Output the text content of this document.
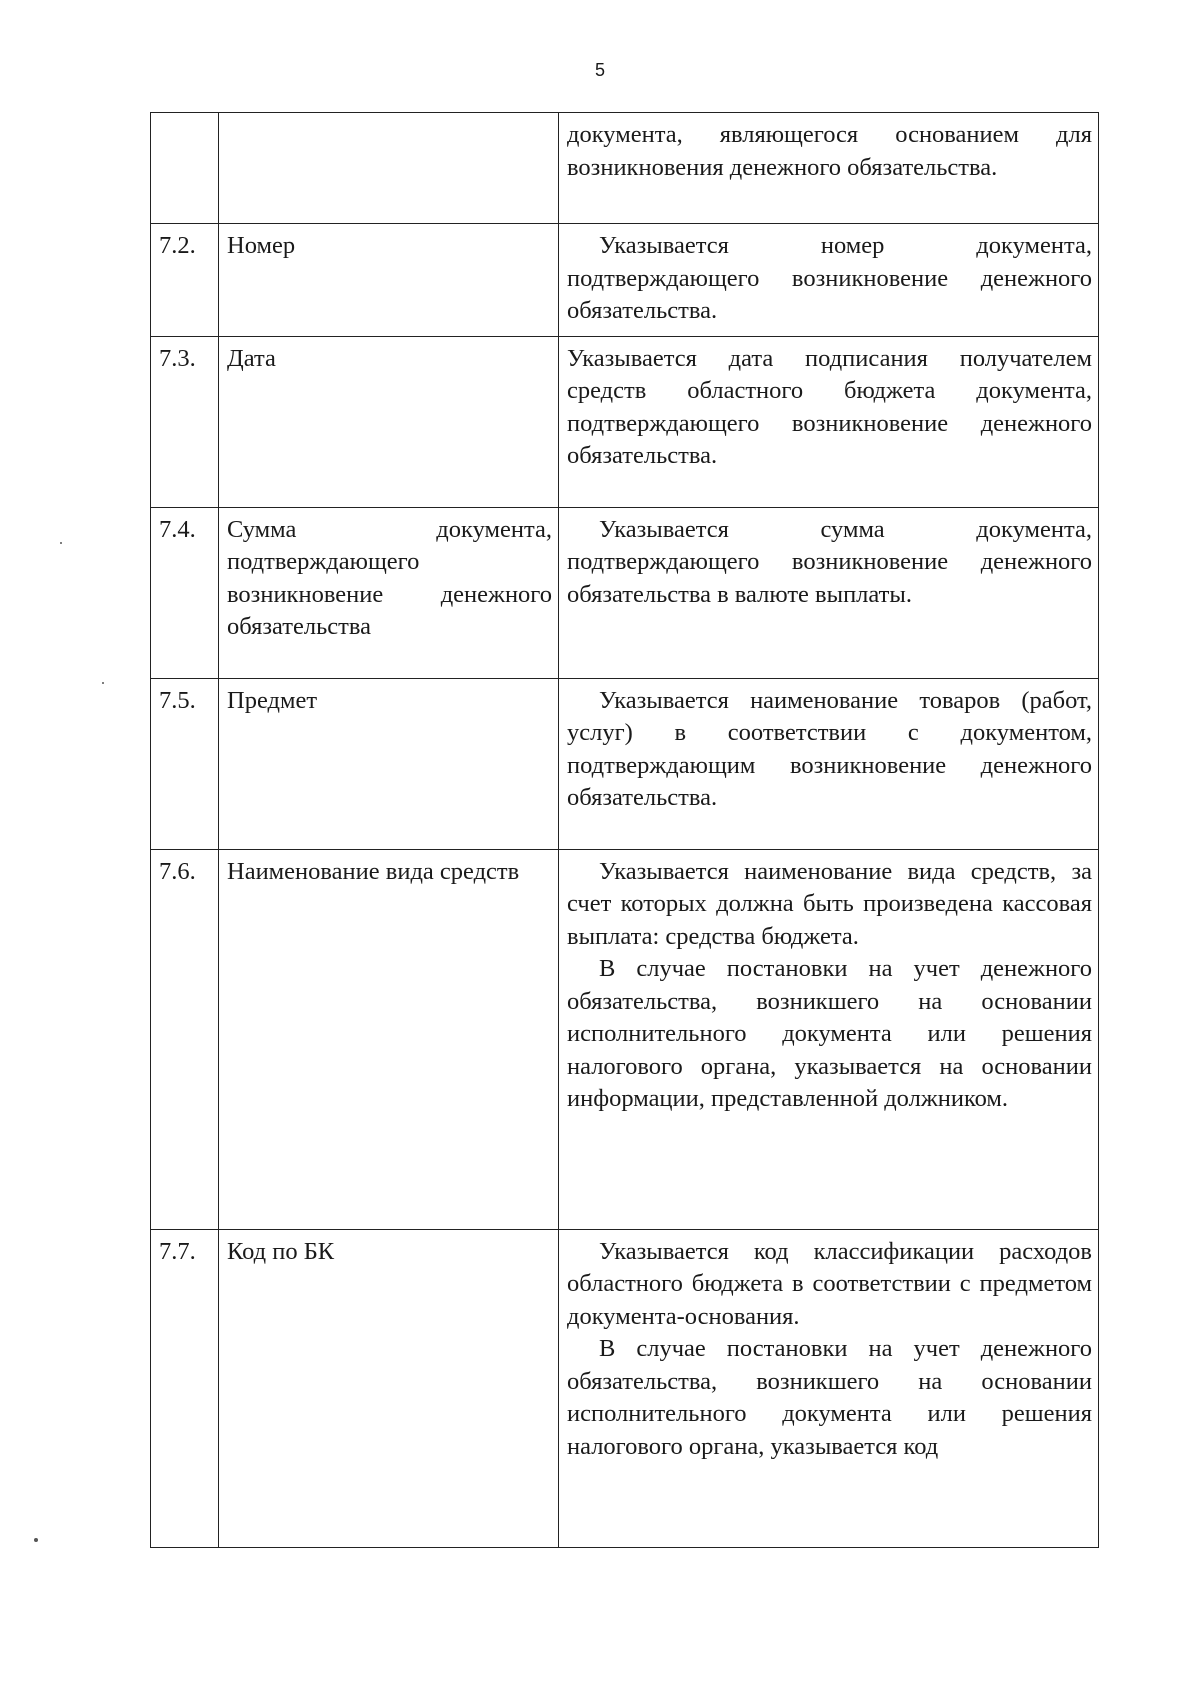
5

		документа, являющегося основанием для возникновения денежного обязательства.

7.2.	Номер	Указывается номер документа, подтверждающего возникновение денежного обязательства.

7.3.	Дата	Указывается дата подписания получателем средств областного бюджета документа, подтверждающего возникновение денежного обязательства.

7.4.	Сумма документа, подтверждающего возникновение денежного обязательства	Указывается сумма документа, подтверждающего возникновение денежного обязательства в валюте выплаты.

7.5.	Предмет	Указывается наименование товаров (работ, услуг) в соответствии с документом, подтверждающим возникновение денежного обязательства.

7.6.	Наименование вида средств	Указывается наименование вида средств, за счет которых должна быть произведена кассовая выплата: средства бюджета.
В случае постановки на учет денежного обязательства, возникшего на основании исполнительного документа или решения налогового органа, указывается на основании информации, представленной должником.

7.7.	Код по БК	Указывается код классификации расходов областного бюджета в соответствии с предметом документа-основания.
В случае постановки на учет денежного обязательства, возникшего на основании исполнительного документа или решения налогового органа, указывается код
